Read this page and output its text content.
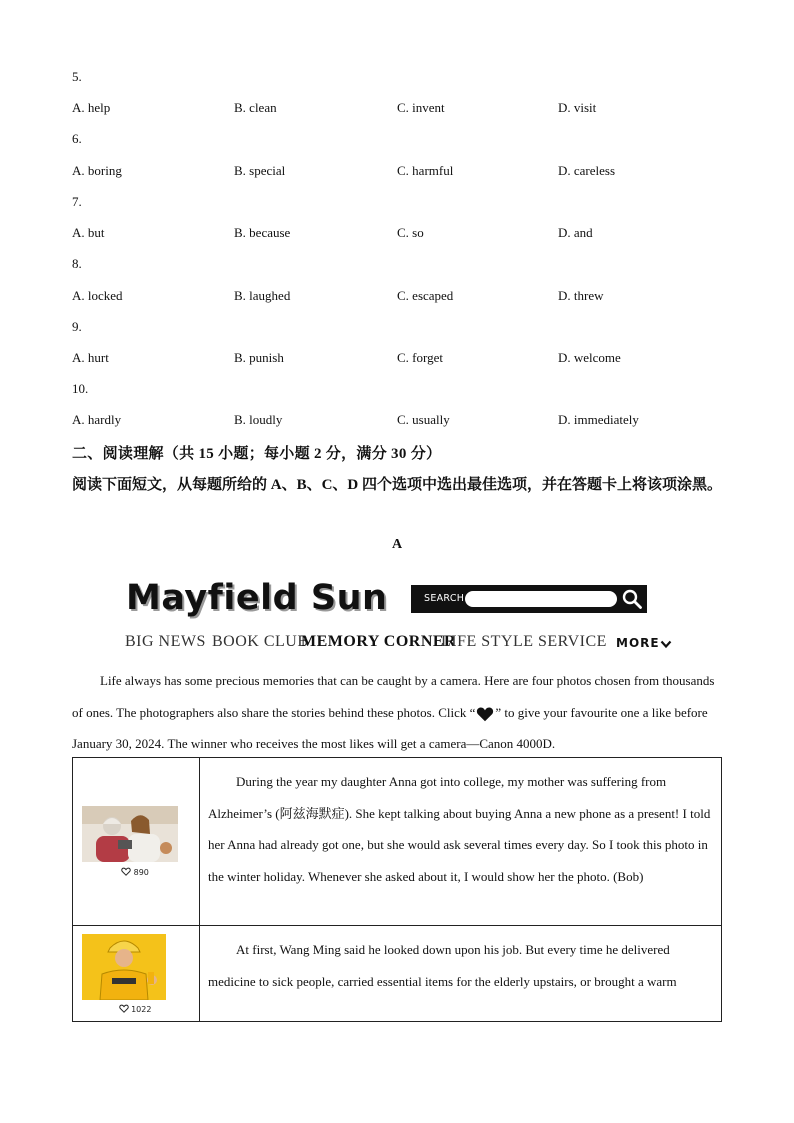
5.
A. help	B. clean	C. invent	D. visit
6.
A. boring	B. special	C. harmful	D. careless
7.
A. but	B. because	C. so	D. and
8.
A. locked	B. laughed	C. escaped	D. threw
9.
A. hurt	B. punish	C. forget	D. welcome
10.
A. hardly	B. loudly	C. usually	D. immediately
二、阅读理解（共 15 小题；每小题 2 分，满分 30 分）
阅读下面短文，从每题所给的 A、B、C、D 四个选项中选出最佳选项，并在答题卡上将该项涂黑。
A
Mayfield Sun	SEARCH
BIG NEWS BOOK CLUB
MEMORY CORNER
LIFE STYLE SERVICE MORE

Life always has some precious memories that can be caught by a camera. Here are four photos chosen from thousands of ones. The photographers also share the stories behind these photos. Click “ ” to give your favourite one a like before January 30, 2024. The winner who receives the most likes will get a camera—Canon 4000D.

890	During the year my daughter Anna got into college, my mother was suffering from Alzheimer’s (阿兹海默症). She kept talking about buying Anna a new phone as a present! I told her Anna had already got one, but she would ask several times every day. So I took this photo in the winter holiday. Whenever she asked about it, I would show her the photo. (Bob)

1022	At first, Wang Ming said he looked down upon his job. But every time he delivered medicine to sick people, carried essential items for the elderly upstairs, or brought a warm
